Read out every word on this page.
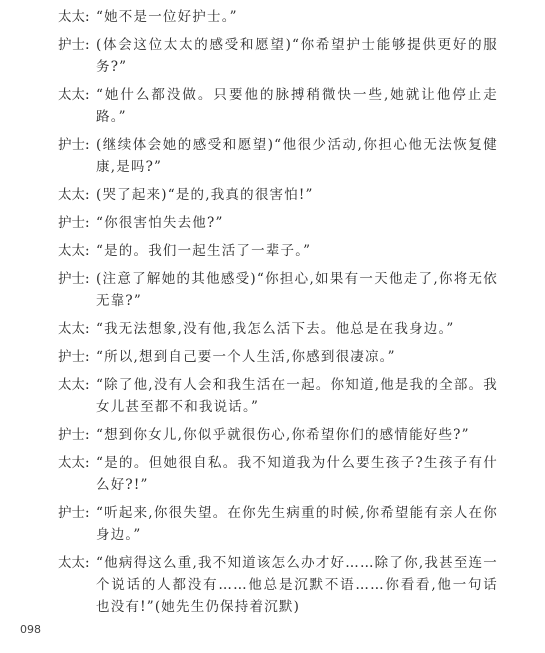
太太: “她不是一位好护士。”
护士: (体会这位太太的感受和愿望)“你希望护士能够提供更好的服务?”
太太: “她什么都没做。只要他的脉搏稍微快一些,她就让他停止走路。”
护士: (继续体会她的感受和愿望)“他很少活动,你担心他无法恢复健康,是吗?”
太太: (哭了起来)“是的,我真的很害怕!”
护士: “你很害怕失去他?”
太太: “是的。我们一起生活了一辈子。”
护士: (注意了解她的其他感受)“你担心,如果有一天他走了,你将无依无靠?”
太太: “我无法想象,没有他,我怎么活下去。他总是在我身边。”
护士: “所以,想到自己要一个人生活,你感到很凄凉。”
太太: “除了他,没有人会和我生活在一起。你知道,他是我的全部。我女儿甚至都不和我说话。”
护士: “想到你女儿,你似乎就很伤心,你希望你们的感情能好些?”
太太: “是的。但她很自私。我不知道我为什么要生孩子?生孩子有什么好?!”
护士: “听起来,你很失望。在你先生病重的时候,你希望能有亲人在你身边。”
太太: “他病得这么重,我不知道该怎么办才好……除了你,我甚至连一个说话的人都没有……他总是沉默不语……你看看,他一句话也没有!”(她先生仍保持着沉默)
098
